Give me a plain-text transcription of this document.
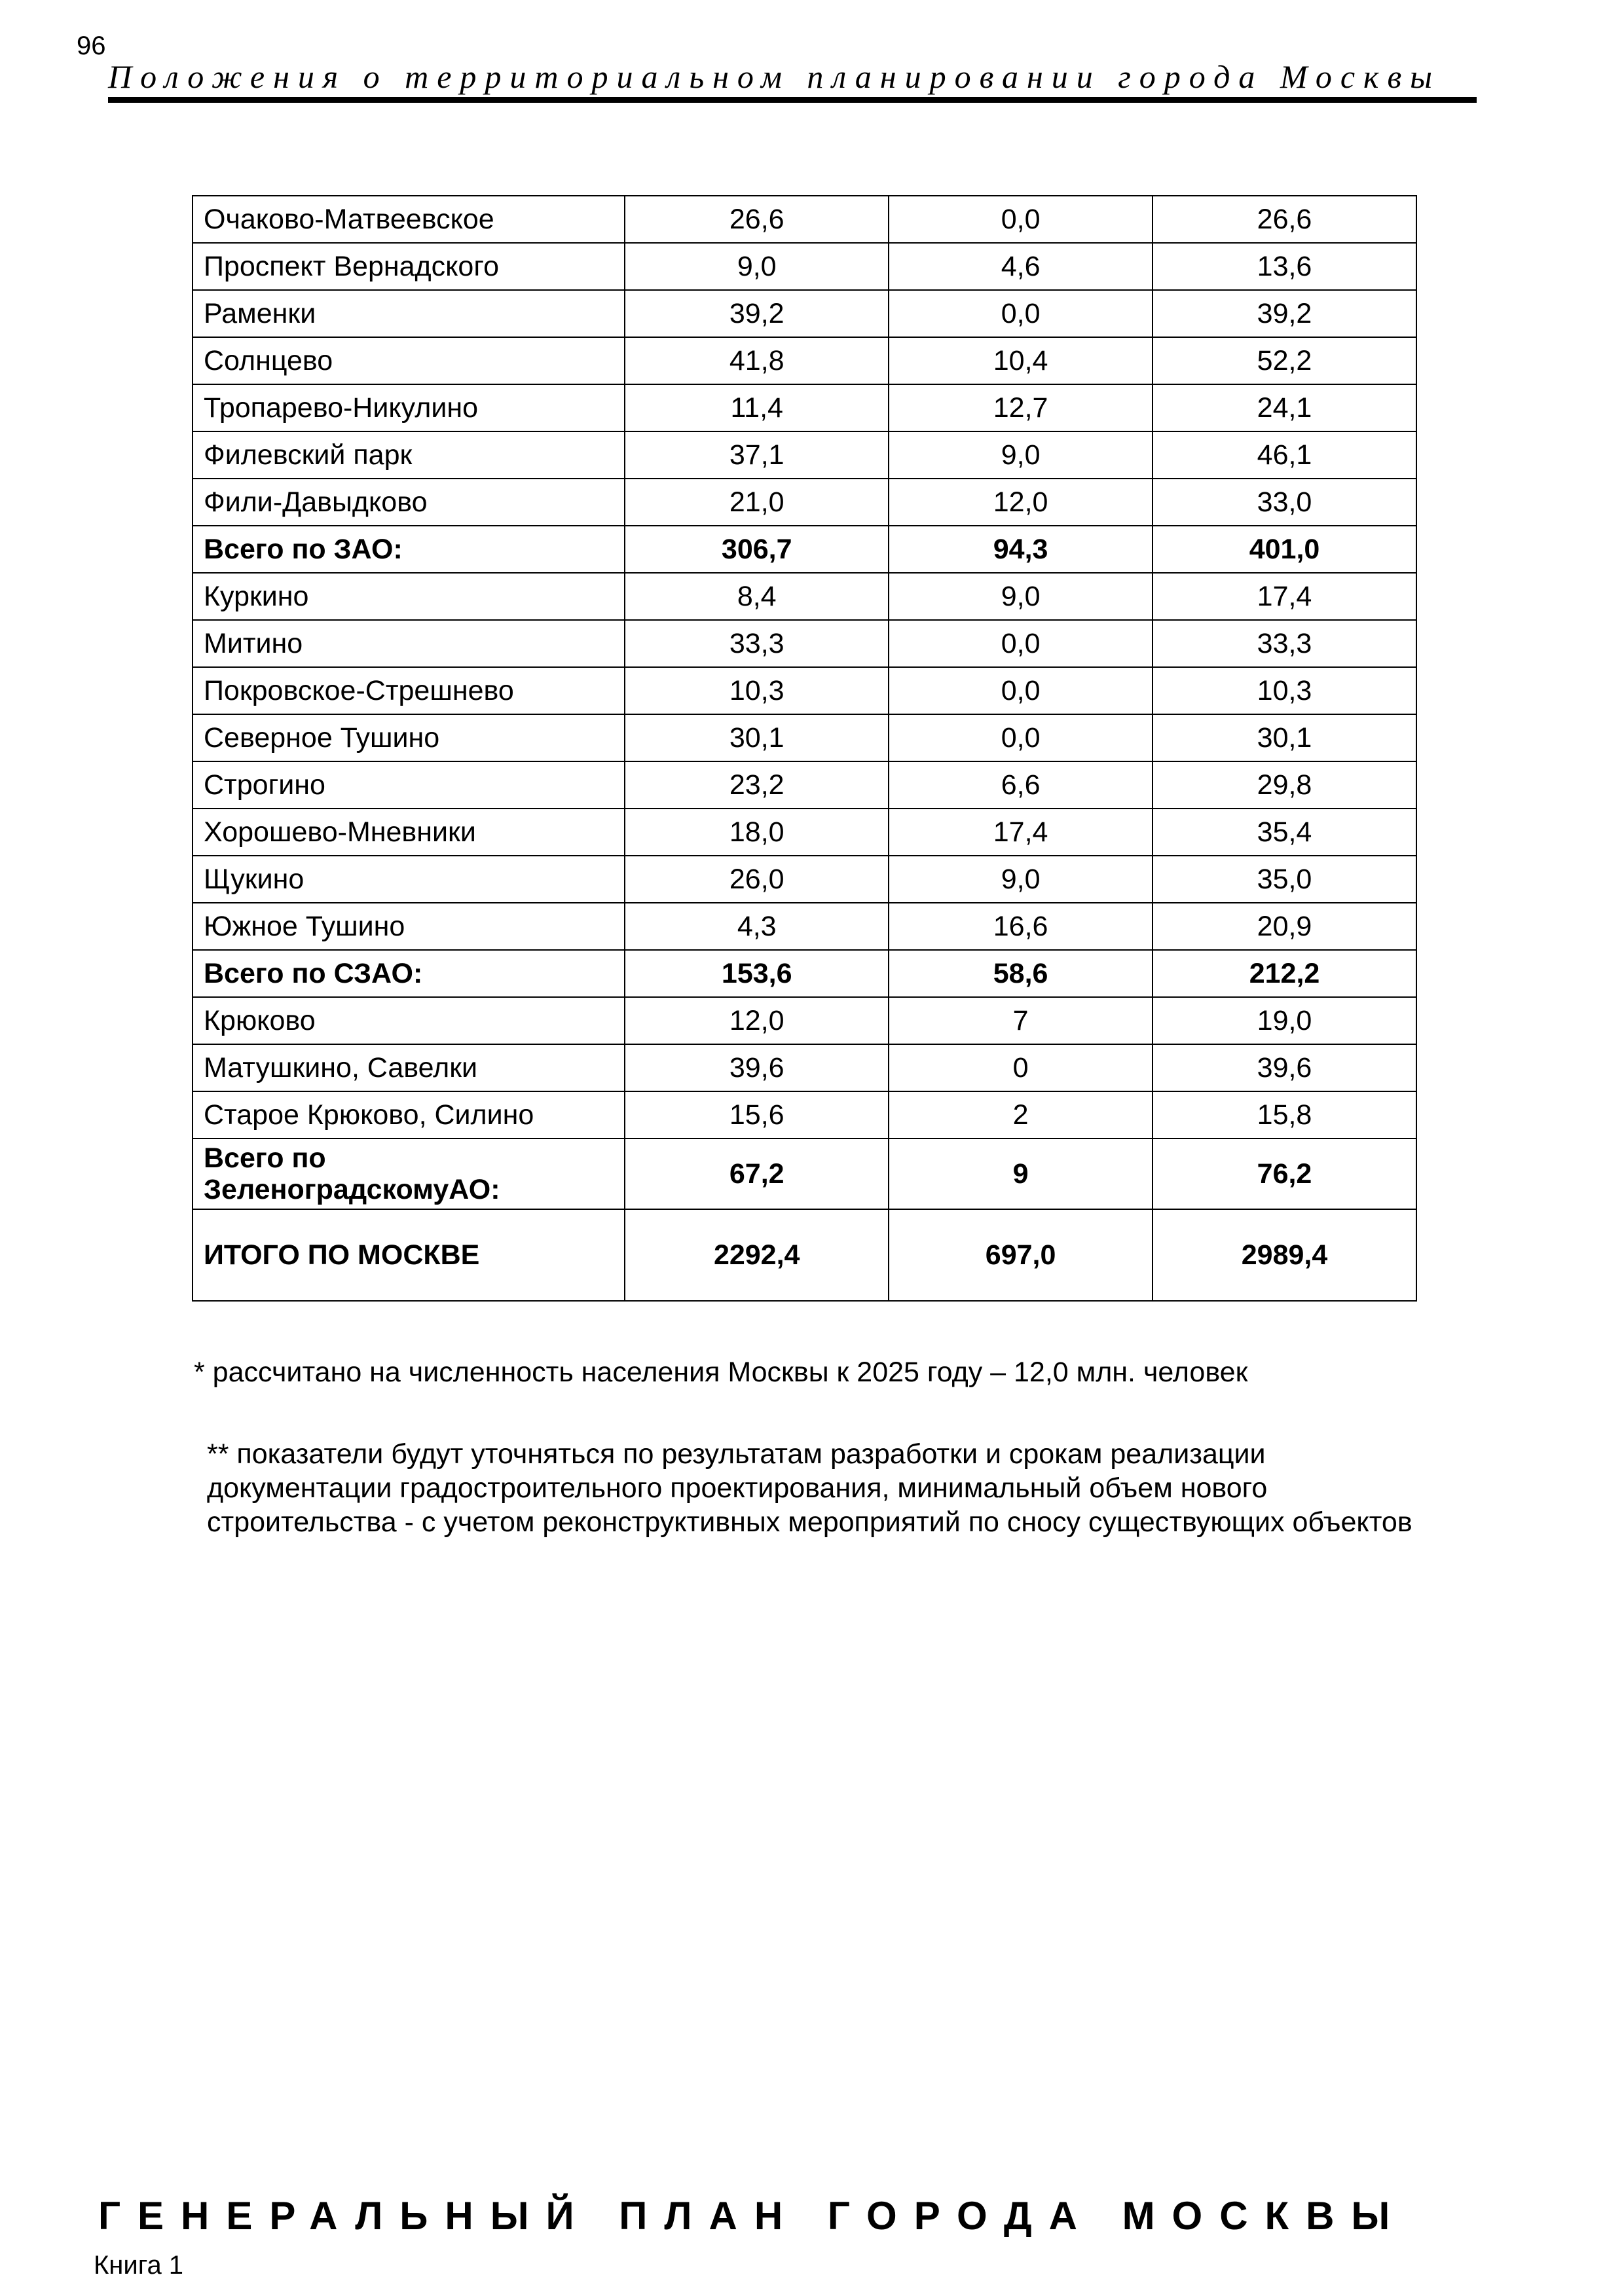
96
Положения о территориальном планировании города Москвы
Очаково-Матвеевское	26,6	0,0	26,6
Проспект Вернадского	9,0	4,6	13,6
Раменки	39,2	0,0	39,2
Солнцево	41,8	10,4	52,2
Тропарево-Никулино	11,4	12,7	24,1
Филевский парк	37,1	9,0	46,1
Фили-Давыдково	21,0	12,0	33,0
Всего по ЗАО:	306,7	94,3	401,0
Куркино	8,4	9,0	17,4
Митино	33,3	0,0	33,3
Покровское-Стрешнево	10,3	0,0	10,3
Северное Тушино	30,1	0,0	30,1
Строгино	23,2	6,6	29,8
Хорошево-Мневники	18,0	17,4	35,4
Щукино	26,0	9,0	35,0
Южное Тушино	4,3	16,6	20,9
Всего по СЗАО:	153,6	58,6	212,2
Крюково	12,0	7	19,0
Матушкино, Савелки	39,6	0	39,6
Старое Крюково, Силино	15,6	2	15,8
Всего по ЗеленоградскомуАО:	67,2	9	76,2
ИТОГО ПО МОСКВЕ	2292,4	697,0	2989,4
* рассчитано на численность населения Москвы к 2025 году – 12,0 млн. человек
** показатели будут уточняться по результатам разработки и срокам реализации документации градостроительного проектирования, минимальный объем нового строительства - с учетом реконструктивных мероприятий по сносу существующих объектов
ГЕНЕРАЛЬНЫЙ ПЛАН ГОРОДА МОСКВЫ
Книга 1
